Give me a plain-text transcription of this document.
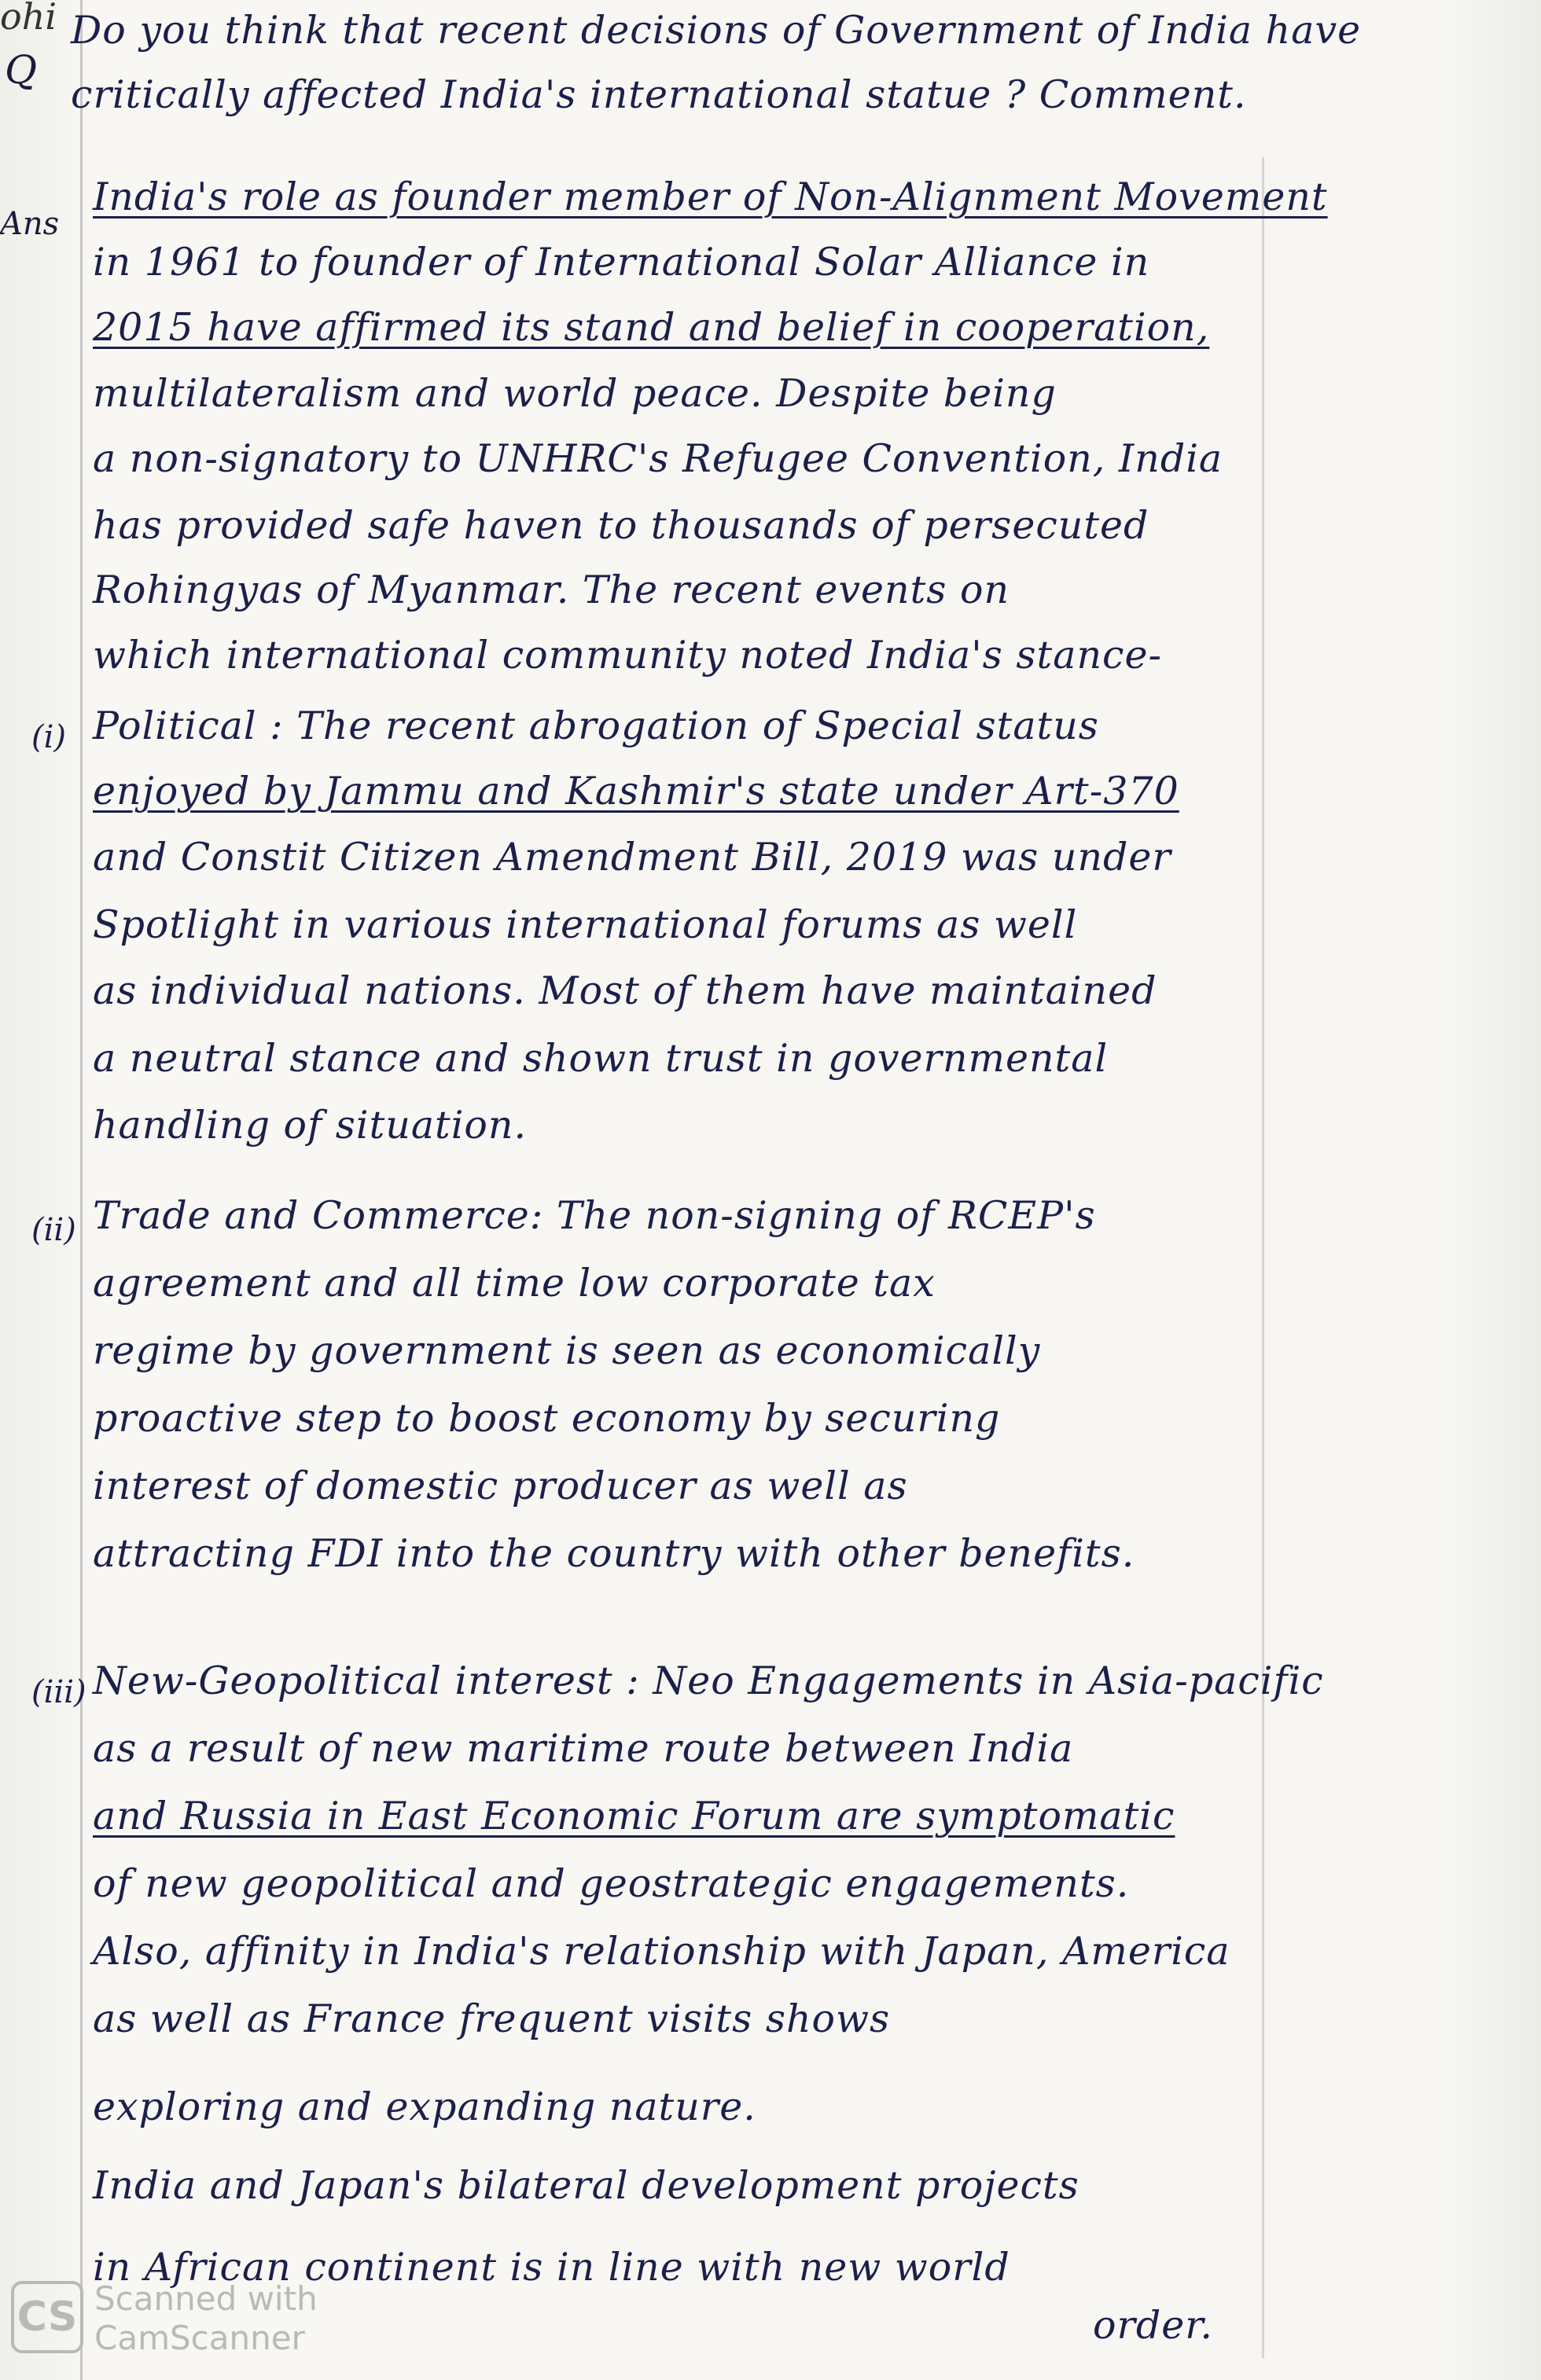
ohi
Q
Do you think that recent decisions of Government of India have
critically affected India's international statue ? Comment.
Ans
India's role as founder member of Non-Alignment Movement
in 1961 to founder of International Solar Alliance in
2015 have affirmed its stand and belief in cooperation,
multilateralism and world peace. Despite being
a non-signatory to UNHRC's Refugee Convention, India
has provided safe haven to thousands of persecuted
Rohingyas of Myanmar. The recent events on
which international community noted India's stance-
(i) Political : The recent abrogation of Special status
enjoyed by Jammu and Kashmir's state under Art-370
and Constit Citizen Amendment Bill, 2019 was under
Spotlight in various international forums as well
as individual nations. Most of them have maintained
a neutral stance and shown trust in governmental
handling of situation.
(ii) Trade and Commerce: The non-signing of RCEP's
agreement and all time low corporate tax
regime by government is seen as economically
proactive step to boost economy by securing
interest of domestic producer as well as
attracting FDI into the country with other benefits.
(iii) New-Geopolitical interest : Neo Engagements in Asia-pacific
as a result of new maritime route between India
and Russia in East Economic Forum are symptomatic
of new geopolitical and geostrategic engagements.
Also, affinity in India's relationship with Japan, America
as well as France frequent visits shows
exploring and expanding nature.
India and Japan's bilateral development projects
in African continent is in line with new world
order.
CS Scanned with
CamScanner
